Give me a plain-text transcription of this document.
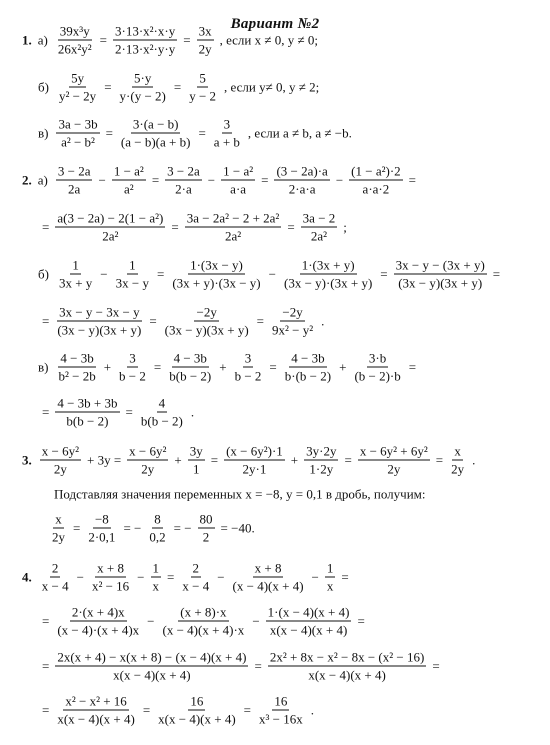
Вариант №2
1. $а) \frac{\text{39x³y}}{\text{26x²y²}} = \frac{\text{3·13·x²·x·y}}{\text{2·13·x²·y·y}} = \frac{3x}{2y}$ , если x ≠ 0, y ≠ 0;
$б) \frac{5y}{\text{y² − 2y}} = \frac{5\cdot y}{y\cdot(y - 2)} = \frac{5}{y - 2}$ , если y≠ 0, y ≠ 2;
$в) \frac{3a - 3b}{\text{a² − b²}} = \frac{3\cdot(a - b)}{(a - b)(a + b)} = \frac{3}{a + b}$ , если a ≠ b, a ≠ −b.
2. $а) \frac{3 - 2a}{2a} - \frac{\text{1 − a²}}{\text{a²}} = \frac{3 - 2a}{2\cdot a} - \frac{\text{1 − a²}}{a\cdot a} = \frac{(3 - 2a)\cdot a}{2\cdot a\cdot a} - \frac{\text{(1 − a²)·2}}{a\cdot a\cdot 2}$ =
= $\frac{\text{a(3 − 2a) − 2(1 − a²)}}{\text{2a²}} = \frac{\text{3a − 2a² − 2 + 2a²}}{\text{2a²}} = \frac{3a - 2}{\text{2a²}}$ ;
$б) \frac{1}{3x + y} - \frac{1}{3x - y} = \frac{1\cdot(3x - y)}{(3x + y)\cdot(3x - y)} - \frac{1\cdot(3x + y)}{(3x - y)\cdot(3x + y)} = \frac{3x - y - (3x + y)}{(3x - y)(3x + y)}$ =
= $\frac{3x - y - 3x - y}{(3x - y)(3x + y)} = \frac{-2y}{(3x - y)(3x + y)} = \frac{-2y}{\text{9x² − y²}}$ .
$в) \frac{4 - 3b}{\text{b² − 2b}} + \frac{3}{b - 2} = \frac{4 - 3b}{b(b - 2)} + \frac{3}{b - 2} = \frac{4 - 3b}{b\cdot(b - 2)} + \frac{3\cdot b}{(b - 2)\cdot b}$ =
= $\frac{4 - 3b + 3b}{b(b - 2)} = \frac{4}{b(b - 2)}$ .
3. $\frac{\text{x − 6y²}}{2y} + 3y = \frac{\text{x − 6y²}}{2y} + \frac{3y}{1} = \frac{\text{(x − 6y²)·1}}{2y\cdot 1} + \frac{3y\cdot 2y}{1\cdot 2y} = \frac{\text{x − 6y² + 6y²}}{2y} = \frac{x}{2y}$ .
Подставляя значения переменных x = −8, y = 0,1 в дробь, получим:
$\frac{x}{2y} = \frac{-8}{2\cdot 0,1}$ = − $\frac{8}{0,2}$ = − $\frac{80}{2} = -40$.
4. $\frac{2}{x - 4} - \frac{x + 8}{\text{x² − 16}} - \frac{1}{x} = \frac{2}{x - 4} - \frac{x + 8}{(x - 4)(x + 4)} - \frac{1}{x}$ =
= $\frac{2\cdot(x + 4)x}{(x - 4)\cdot(x + 4)x} - \frac{(x + 8)\cdot x}{(x - 4)(x + 4)\cdot x} - \frac{1\cdot(x - 4)(x + 4)}{x(x - 4)(x + 4)}$ =
= $\frac{2x(x + 4) - x(x + 8) - (x - 4)(x + 4)}{x(x - 4)(x + 4)} = \frac{\text{2x² + 8x − x² − 8x − (x² − 16)}}{x(x - 4)(x + 4)}$ =
= $\frac{\text{x² − x² + 16}}{x(x - 4)(x + 4)} = \frac{16}{x(x - 4)(x + 4)} = \frac{16}{\text{x³ − 16x}}$ .
